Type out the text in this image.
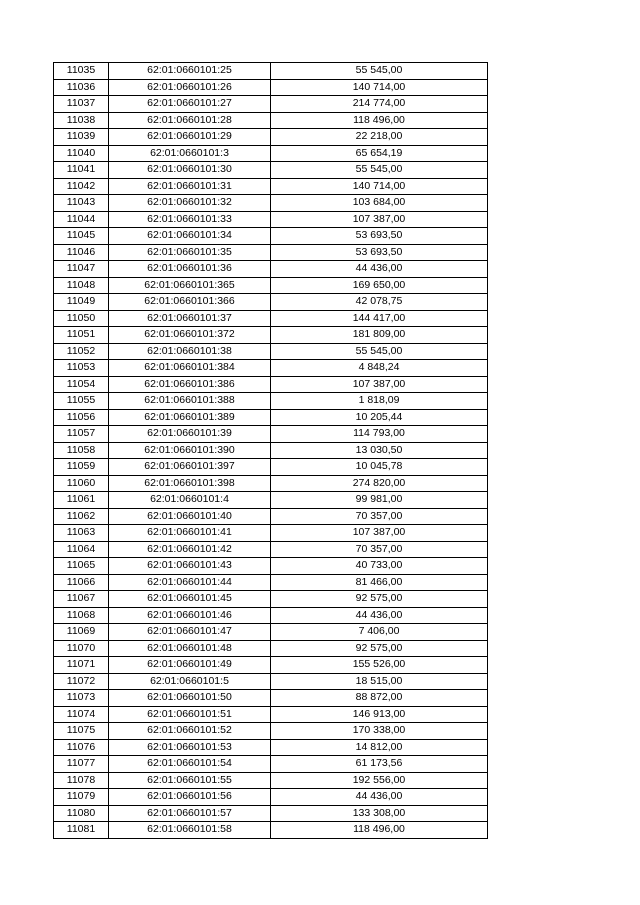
11035	62:01:0660101:25	55 545,00
11036	62:01:0660101:26	140 714,00
11037	62:01:0660101:27	214 774,00
11038	62:01:0660101:28	118 496,00
11039	62:01:0660101:29	22 218,00
11040	62:01:0660101:3	65 654,19
11041	62:01:0660101:30	55 545,00
11042	62:01:0660101:31	140 714,00
11043	62:01:0660101:32	103 684,00
11044	62:01:0660101:33	107 387,00
11045	62:01:0660101:34	53 693,50
11046	62:01:0660101:35	53 693,50
11047	62:01:0660101:36	44 436,00
11048	62:01:0660101:365	169 650,00
11049	62:01:0660101:366	42 078,75
11050	62:01:0660101:37	144 417,00
11051	62:01:0660101:372	181 809,00
11052	62:01:0660101:38	55 545,00
11053	62:01:0660101:384	4 848,24
11054	62:01:0660101:386	107 387,00
11055	62:01:0660101:388	1 818,09
11056	62:01:0660101:389	10 205,44
11057	62:01:0660101:39	114 793,00
11058	62:01:0660101:390	13 030,50
11059	62:01:0660101:397	10 045,78
11060	62:01:0660101:398	274 820,00
11061	62:01:0660101:4	99 981,00
11062	62:01:0660101:40	70 357,00
11063	62:01:0660101:41	107 387,00
11064	62:01:0660101:42	70 357,00
11065	62:01:0660101:43	40 733,00
11066	62:01:0660101:44	81 466,00
11067	62:01:0660101:45	92 575,00
11068	62:01:0660101:46	44 436,00
11069	62:01:0660101:47	7 406,00
11070	62:01:0660101:48	92 575,00
11071	62:01:0660101:49	155 526,00
11072	62:01:0660101:5	18 515,00
11073	62:01:0660101:50	88 872,00
11074	62:01:0660101:51	146 913,00
11075	62:01:0660101:52	170 338,00
11076	62:01:0660101:53	14 812,00
11077	62:01:0660101:54	61 173,56
11078	62:01:0660101:55	192 556,00
11079	62:01:0660101:56	44 436,00
11080	62:01:0660101:57	133 308,00
11081	62:01:0660101:58	118 496,00
